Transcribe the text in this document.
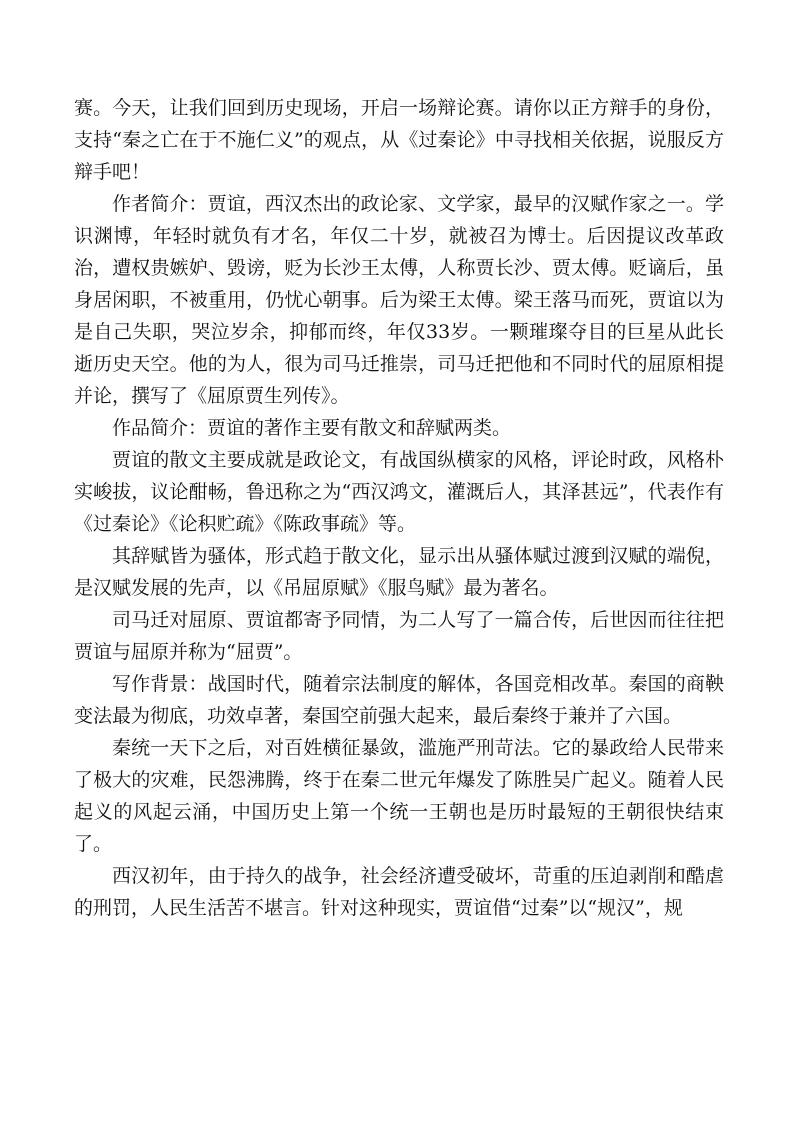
赛。今天，让我们回到历史现场，开启一场辩论赛。请你以正方辩手的身份，支持“秦之亡在于不施仁义”的观点，从《过秦论》中寻找相关依据，说服反方辩手吧！

作者简介：贾谊，西汉杰出的政论家、文学家，最早的汉赋作家之一。学识渊博，年轻时就负有才名，年仅二十岁，就被召为博士。后因提议改革政治，遭权贵嫉妒、毁谤，贬为长沙王太傅，人称贾长沙、贾太傅。贬谪后，虽身居闲职，不被重用，仍忧心朝事。后为梁王太傅。梁王落马而死，贾谊以为是自己失职，哭泣岁余，抑郁而终，年仅33岁。一颗璀璨夺目的巨星从此长逝历史天空。他的为人，很为司马迁推崇，司马迁把他和不同时代的屈原相提并论，撰写了《屈原贾生列传》。

作品简介：贾谊的著作主要有散文和辞赋两类。

贾谊的散文主要成就是政论文，有战国纵横家的风格，评论时政，风格朴实峻拔，议论酣畅，鲁迅称之为“西汉鸿文，灌溉后人，其泽甚远”，代表作有《过秦论》《论积贮疏》《陈政事疏》等。

其辞赋皆为骚体，形式趋于散文化，显示出从骚体赋过渡到汉赋的端倪，是汉赋发展的先声，以《吊屈原赋》《服鸟赋》最为著名。

司马迁对屈原、贾谊都寄予同情，为二人写了一篇合传，后世因而往往把贾谊与屈原并称为“屈贾”。

写作背景：战国时代，随着宗法制度的解体，各国竞相改革。秦国的商鞅变法最为彻底，功效卓著，秦国空前强大起来，最后秦终于兼并了六国。

秦统一天下之后，对百姓横征暴敛，滥施严刑苛法。它的暴政给人民带来了极大的灾难，民怨沸腾，终于在秦二世元年爆发了陈胜吴广起义。随着人民起义的风起云涌，中国历史上第一个统一王朝也是历时最短的王朝很快结束了。

西汉初年，由于持久的战争，社会经济遭受破坏，苛重的压迫剥削和酷虐的刑罚，人民生活苦不堪言。针对这种现实，贾谊借“过秦”以“规汉”，规
